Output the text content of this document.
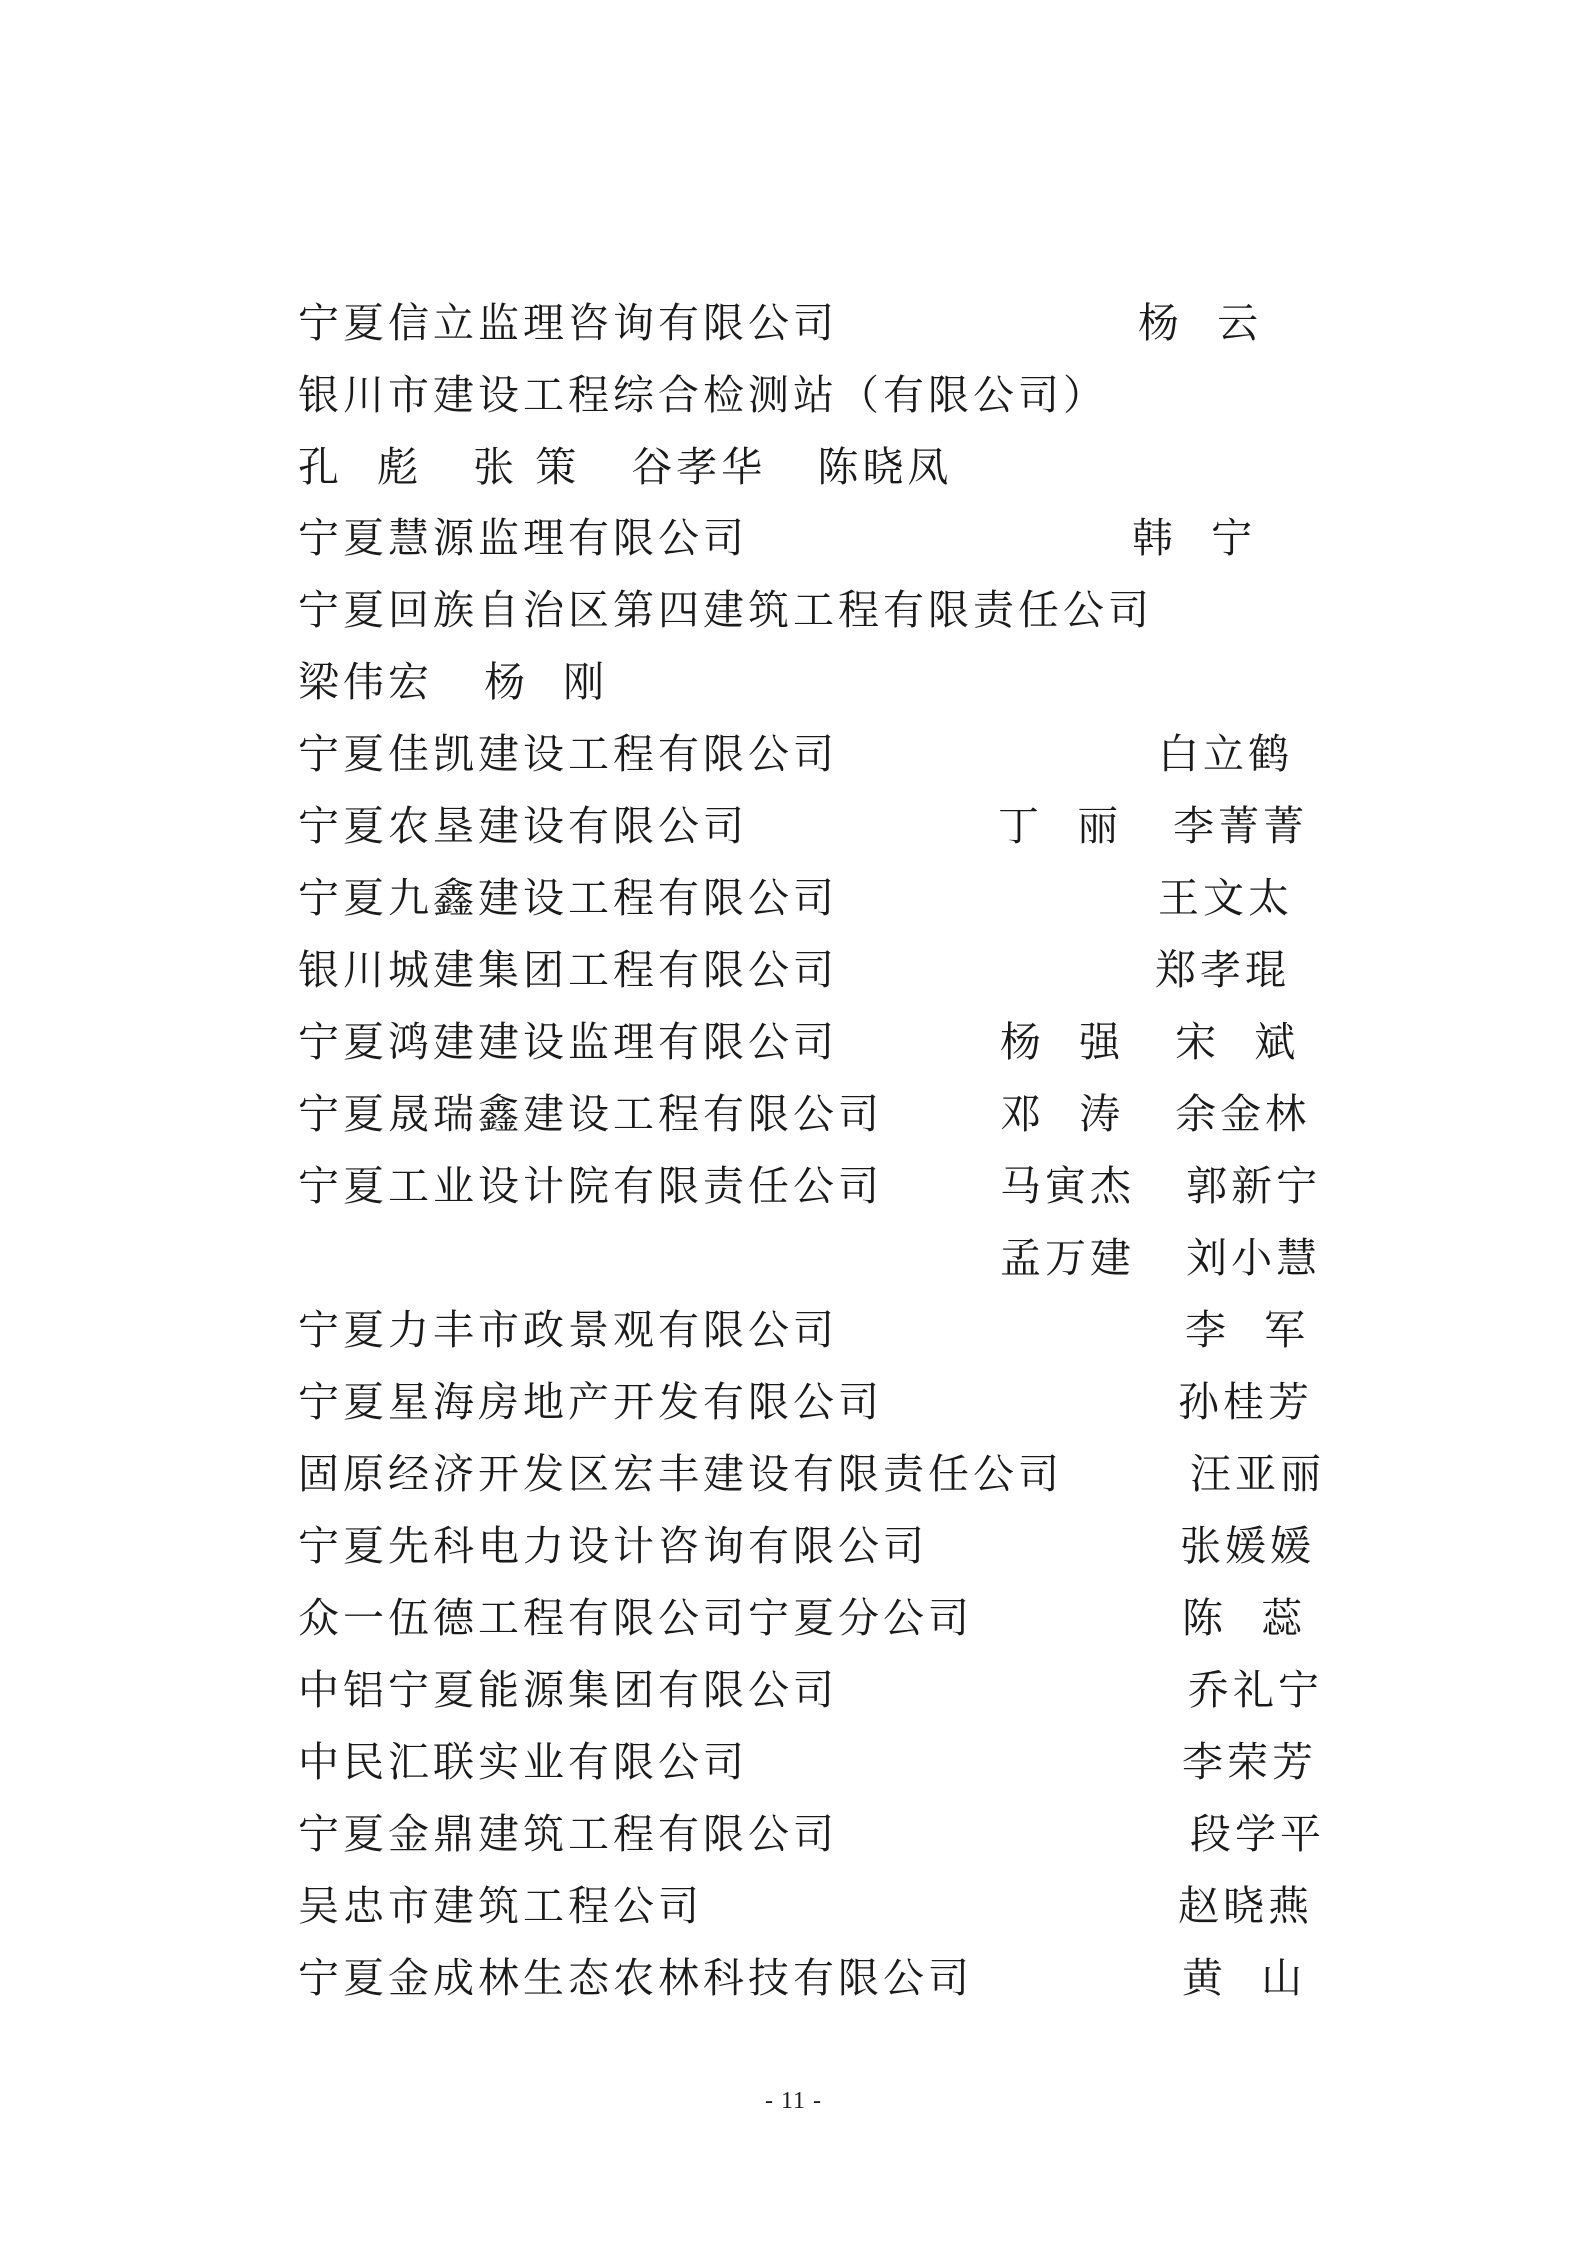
宁夏信立监理咨询有限公司	杨  云
银川市建设工程综合检测站（有限公司）
孔  彪   张 策   谷孝华   陈晓凤
宁夏慧源监理有限公司	韩  宁
宁夏回族自治区第四建筑工程有限责任公司
梁伟宏   杨  刚
宁夏佳凯建设工程有限公司	白立鹤
宁夏农垦建设有限公司	丁  丽   李菁菁
宁夏九鑫建设工程有限公司	王文太
银川城建集团工程有限公司	郑孝琨
宁夏鸿建建设监理有限公司	杨  强   宋  斌
宁夏晟瑞鑫建设工程有限公司	邓  涛   余金林
宁夏工业设计院有限责任公司	马寅杰   郭新宁
孟万建   刘小慧
宁夏力丰市政景观有限公司	李  军
宁夏星海房地产开发有限公司	孙桂芳
固原经济开发区宏丰建设有限责任公司	汪亚丽
宁夏先科电力设计咨询有限公司	张媛媛
众一伍德工程有限公司宁夏分公司	陈  蕊
中铝宁夏能源集团有限公司	乔礼宁
中民汇联实业有限公司	李荣芳
宁夏金鼎建筑工程有限公司	段学平
吴忠市建筑工程公司	赵晓燕
宁夏金成林生态农林科技有限公司	黄  山
- 11 -
